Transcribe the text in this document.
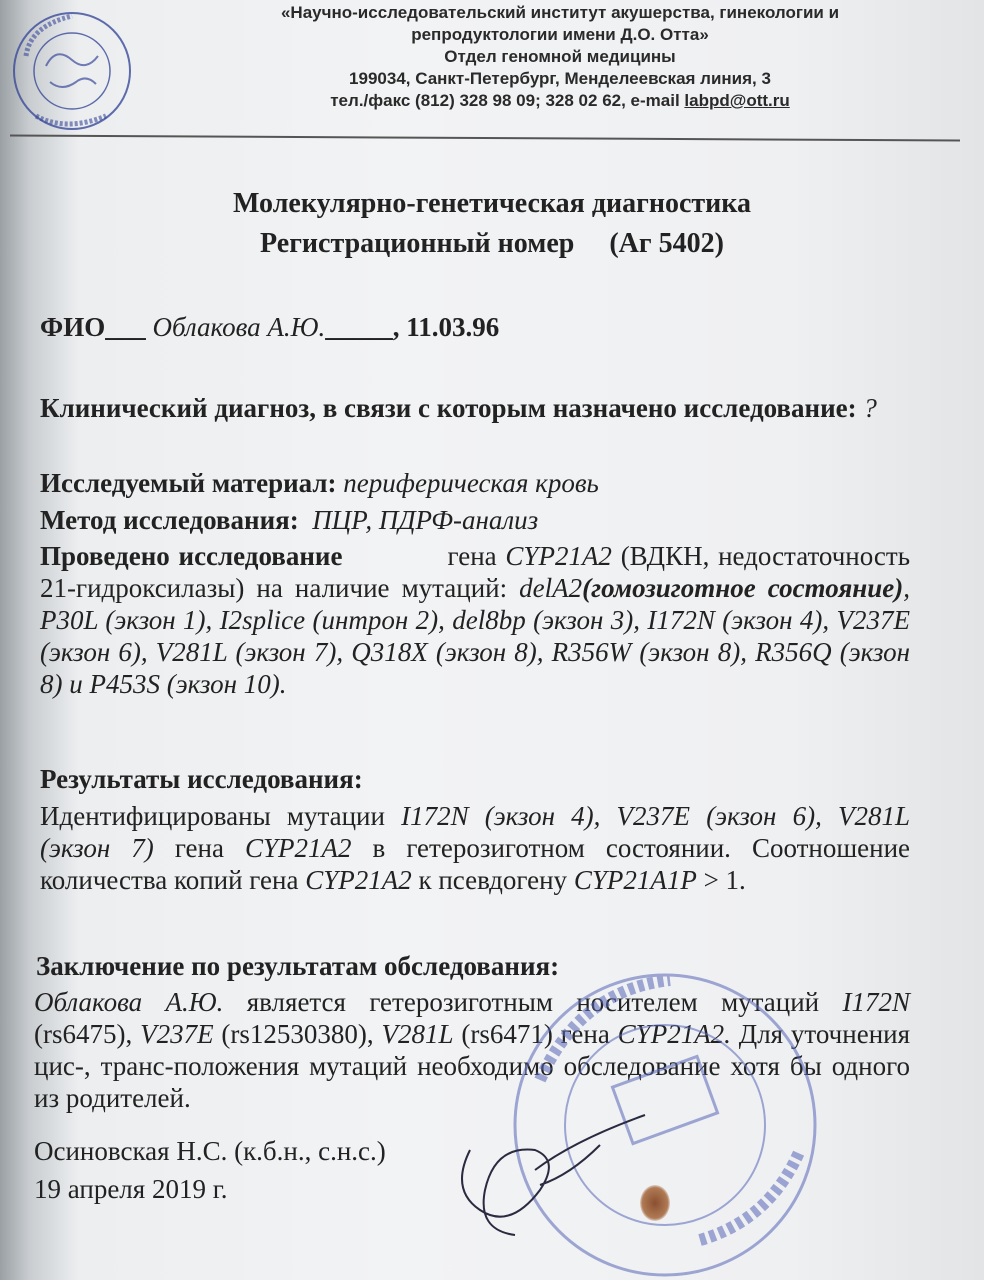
«Научно-исследовательский институт акушерства, гинекологии и
репродуктологии имени Д.О. Отта»
Отдел геномной медицины
199034, Санкт-Петербург, Менделеевская линия, 3
тел./факс (812) 328 98 09; 328 02 62, e-mail labpd@ott.ru
Молекулярно-генетическая диагностика
Регистрационный номер     (Аг 5402)
ФИО___ Облакова А.Ю._____, 11.03.96
Клинический диагноз, в связи с которым назначено исследование: ?
Исследуемый материал: периферическая кровь
Метод исследования: ПЦР, ПДРФ-анализ
Проведено исследование	гена CYP21A2 (ВДКН, недостаточность 21-гидроксилазы) на наличие мутаций: delA2(гомозиготное состояние), P30L (экзон 1), I2splice (интрон 2), del8bp (экзон 3), I172N (экзон 4), V237E (экзон 6), V281L (экзон 7), Q318X (экзон 8), R356W (экзон 8), R356Q (экзон 8) и P453S (экзон 10).
Результаты исследования:
Идентифицированы мутации I172N (экзон 4), V237E (экзон 6), V281L (экзон 7) гена CYP21A2 в гетерозиготном состоянии. Соотношение количества копий гена CYP21A2 к псевдогену CYP21A1P > 1.
Заключение по результатам обследования:
Облакова А.Ю. является гетерозиготным носителем мутаций I172N (rs6475), V237E (rs12530380), V281L (rs6471) гена CYP21A2. Для уточнения цис-, транс-положения мутаций необходимо обследование хотя бы одного из родителей.
Осиновская Н.С. (к.б.н., с.н.с.)
19 апреля 2019 г.
